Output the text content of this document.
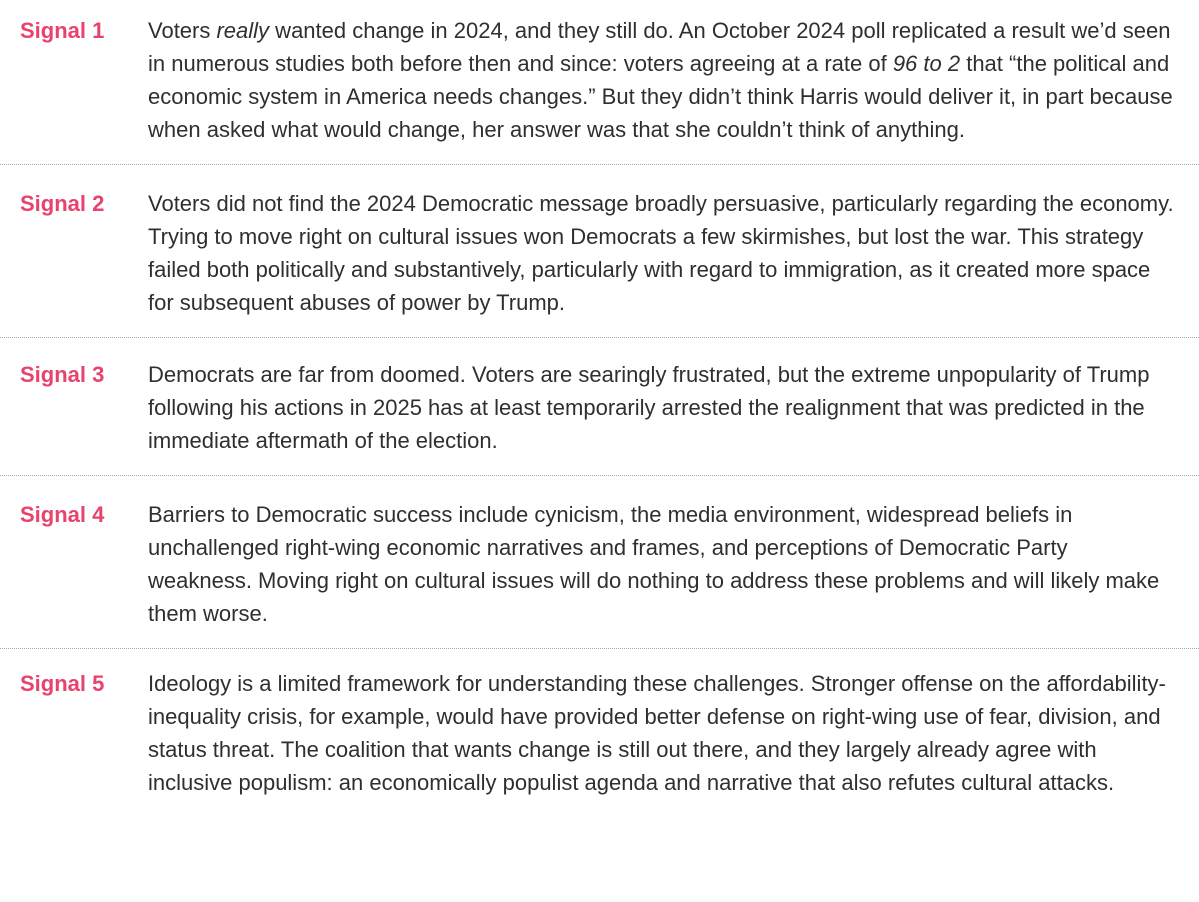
Signal 1	Voters really wanted change in 2024, and they still do. An October 2024 poll replicated a result we’d seen in numerous studies both before then and since: voters agreeing at a rate of 96 to 2 that “the political and economic system in America needs changes.” But they didn’t think Harris would deliver it, in part because when asked what would change, her answer was that she couldn’t think of anything.
Signal 2	Voters did not find the 2024 Democratic message broadly persuasive, particularly regarding the economy. Trying to move right on cultural issues won Democrats a few skirmishes, but lost the war. This strategy failed both politically and substantively, particularly with regard to immigration, as it created more space for subsequent abuses of power by Trump.
Signal 3	Democrats are far from doomed. Voters are searingly frustrated, but the extreme unpopularity of Trump following his actions in 2025 has at least temporarily arrested the realignment that was predicted in the immediate aftermath of the election.
Signal 4	Barriers to Democratic success include cynicism, the media environment, widespread beliefs in unchallenged right-wing economic narratives and frames, and perceptions of Democratic Party weakness. Moving right on cultural issues will do nothing to address these problems and will likely make them worse.
Signal 5	Ideology is a limited framework for understanding these challenges. Stronger offense on the affordability-inequality crisis, for example, would have provided better defense on right-wing use of fear, division, and status threat. The coalition that wants change is still out there, and they largely already agree with inclusive populism: an economically populist agenda and narrative that also refutes cultural attacks.
